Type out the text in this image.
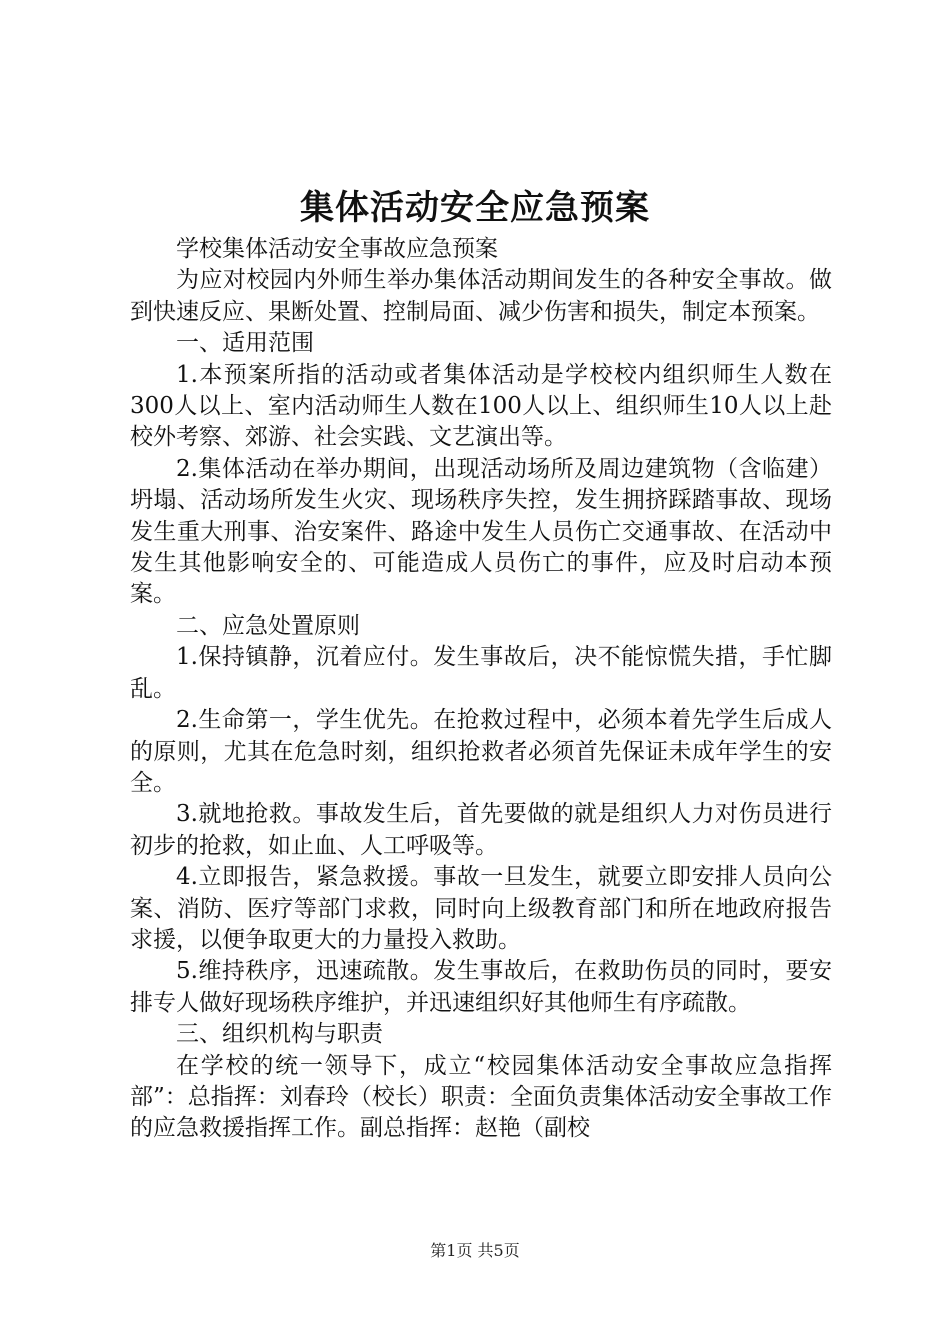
集体活动安全应急预案

学校集体活动安全事故应急预案

为应对校园内外师生举办集体活动期间发生的各种安全事故。做到快速反应、果断处置、控制局面、减少伤害和损失，制定本预案。

一、适用范围

1.本预案所指的活动或者集体活动是学校校内组织师生人数在300人以上、室内活动师生人数在100人以上、组织师生10人以上赴校外考察、郊游、社会实践、文艺演出等。

2.集体活动在举办期间，出现活动场所及周边建筑物（含临建）坍塌、活动场所发生火灾、现场秩序失控，发生拥挤踩踏事故、现场发生重大刑事、治安案件、路途中发生人员伤亡交通事故、在活动中发生其他影响安全的、可能造成人员伤亡的事件，应及时启动本预案。

二、应急处置原则

1.保持镇静，沉着应付。发生事故后，决不能惊慌失措，手忙脚乱。

2.生命第一，学生优先。在抢救过程中，必须本着先学生后成人的原则，尤其在危急时刻，组织抢救者必须首先保证未成年学生的安全。

3.就地抢救。事故发生后，首先要做的就是组织人力对伤员进行初步的抢救，如止血、人工呼吸等。

4.立即报告，紧急救援。事故一旦发生，就要立即安排人员向公案、消防、医疗等部门求救，同时向上级教育部门和所在地政府报告求援，以便争取更大的力量投入救助。

5.维持秩序，迅速疏散。发生事故后，在救助伤员的同时，要安排专人做好现场秩序维护，并迅速组织好其他师生有序疏散。

三、组织机构与职责

在学校的统一领导下，成立“校园集体活动安全事故应急指挥部”：总指挥：刘春玲（校长）职责：全面负责集体活动安全事故工作的应急救援指挥工作。副总指挥：赵艳（副校

第1页 共5页
